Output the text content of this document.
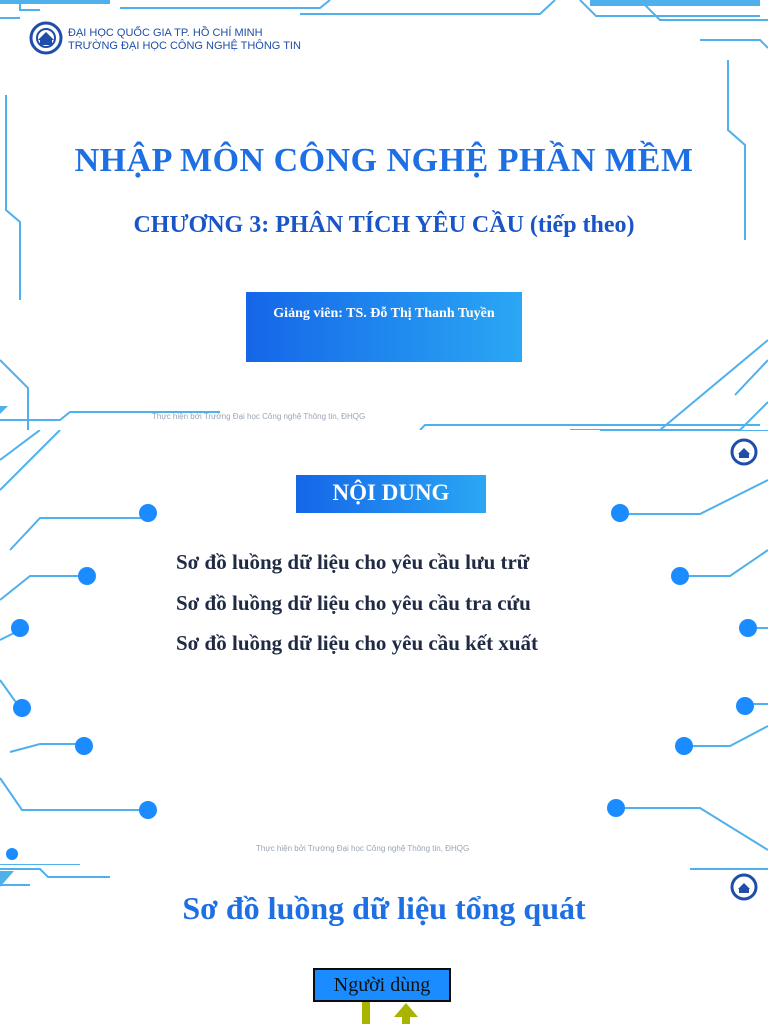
ĐẠI HỌC QUỐC GIA TP. HỒ CHÍ MINH
TRƯỜNG ĐẠI HỌC CÔNG NGHỆ THÔNG TIN
NHẬP MÔN CÔNG NGHỆ PHẦN MỀM
CHƯƠNG 3: PHÂN TÍCH YÊU CẦU (tiếp theo)
Giảng viên: TS. Đỗ Thị Thanh Tuyền
Thực hiện bởi Trường Đại học Công nghệ Thông tin, ĐHQG
NỘI DUNG
Sơ đồ luồng dữ liệu cho yêu cầu lưu trữ
Sơ đồ luồng dữ liệu cho yêu cầu tra cứu
Sơ đồ luồng dữ liệu cho yêu cầu kết xuất
Thực hiện bởi Trường Đại học Công nghệ Thông tin, ĐHQG
Sơ đồ luồng dữ liệu tổng quát
Người dùng
